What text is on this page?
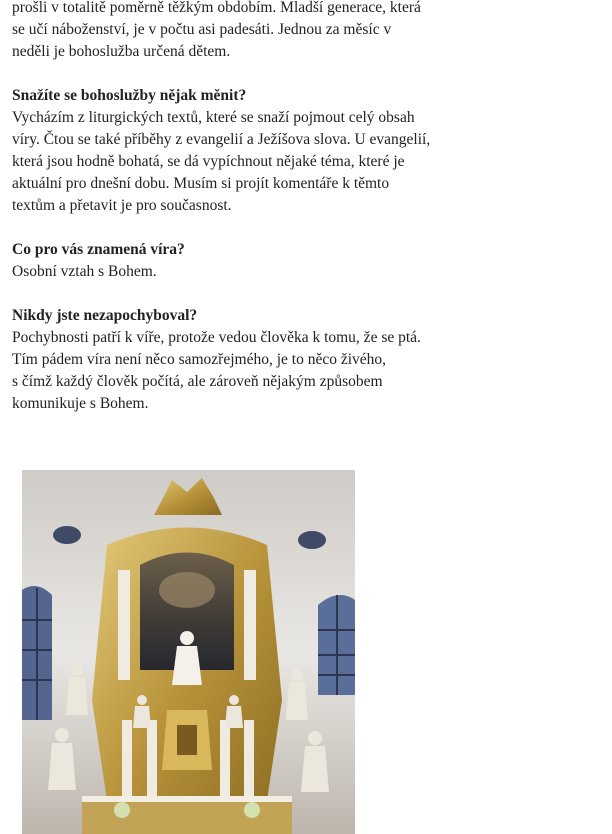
prošli v totalitě poměrně těžkým obdobím. Mladší generace, která
se učí náboženství, je v počtu asi padesáti. Jednou za měsíc v
neděli je bohoslužba určená dětem.
Snažíte se bohoslužby nějak měnit?
Vycházím z liturgických textů, které se snaží pojmout celý obsah
víry. Čtou se také příběhy z evangelií a Ježíšova slova. U evangelií,
která jsou hodně bohatá, se dá vypíchnout nějaké téma, které je
aktuální pro dnešní dobu. Musím si projít komentáře k těmto
textům a přetavit je pro současnost.
Co pro vás znamená víra?
Osobní vztah s Bohem.
Nikdy jste nezapochyboval?
Pochybnosti patří k víře, protože vedou člověka k tomu, že se ptá.
Tím pádem víra není něco samozřejmého, je to něco živého,
s čímž každý člověk počítá, ale zároveň nějakým způsobem
komunikuje s Bohem.
